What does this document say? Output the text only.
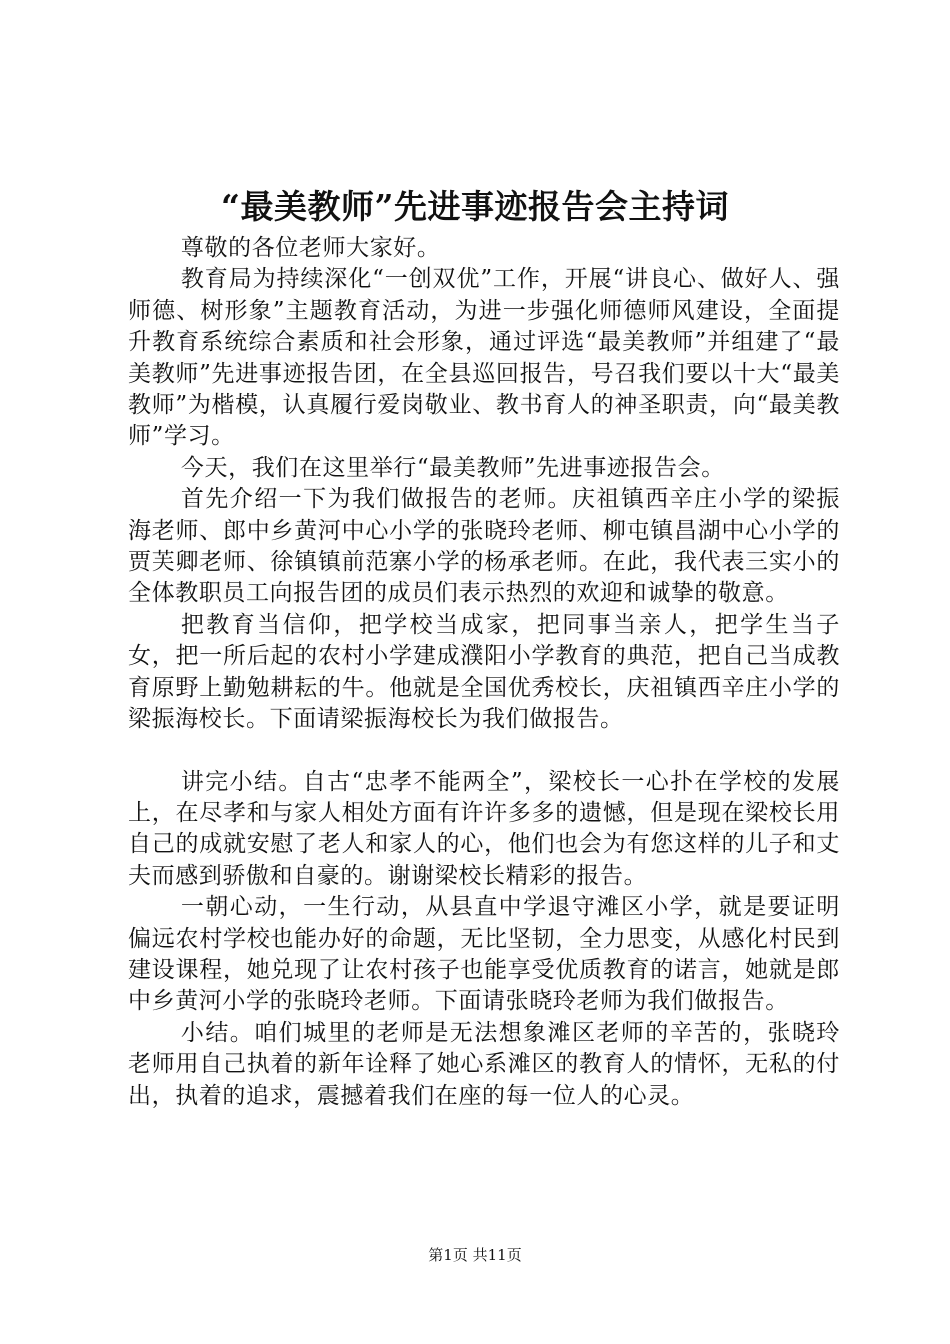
“最美教师”先进事迹报告会主持词

尊敬的各位老师大家好。

教育局为持续深化“一创双优”工作，开展“讲良心、做好人、强师德、树形象”主题教育活动，为进一步强化师德师风建设，全面提升教育系统综合素质和社会形象，通过评选“最美教师”并组建了“最美教师”先进事迹报告团，在全县巡回报告，号召我们要以十大“最美教师”为楷模，认真履行爱岗敬业、教书育人的神圣职责，向“最美教师”学习。

今天，我们在这里举行“最美教师”先进事迹报告会。

首先介绍一下为我们做报告的老师。庆祖镇西辛庄小学的梁振海老师、郎中乡黄河中心小学的张晓玲老师、柳屯镇昌湖中心小学的贾芙卿老师、徐镇镇前范寨小学的杨承老师。在此，我代表三实小的全体教职员工向报告团的成员们表示热烈的欢迎和诚挚的敬意。

把教育当信仰，把学校当成家，把同事当亲人，把学生当子女，把一所后起的农村小学建成濮阳小学教育的典范，把自己当成教育原野上勤勉耕耘的牛。他就是全国优秀校长，庆祖镇西辛庄小学的梁振海校长。下面请梁振海校长为我们做报告。

讲完小结。自古“忠孝不能两全”，梁校长一心扑在学校的发展上，在尽孝和与家人相处方面有许许多多的遗憾，但是现在梁校长用自己的成就安慰了老人和家人的心，他们也会为有您这样的儿子和丈夫而感到骄傲和自豪的。谢谢梁校长精彩的报告。

一朝心动，一生行动，从县直中学退守滩区小学，就是要证明偏远农村学校也能办好的命题，无比坚韧，全力思变，从感化村民到建设课程，她兑现了让农村孩子也能享受优质教育的诺言，她就是郎中乡黄河小学的张晓玲老师。下面请张晓玲老师为我们做报告。

小结。咱们城里的老师是无法想象滩区老师的辛苦的，张晓玲老师用自己执着的新年诠释了她心系滩区的教育人的情怀，无私的付出，执着的追求，震撼着我们在座的每一位人的心灵。

第1页 共11页
